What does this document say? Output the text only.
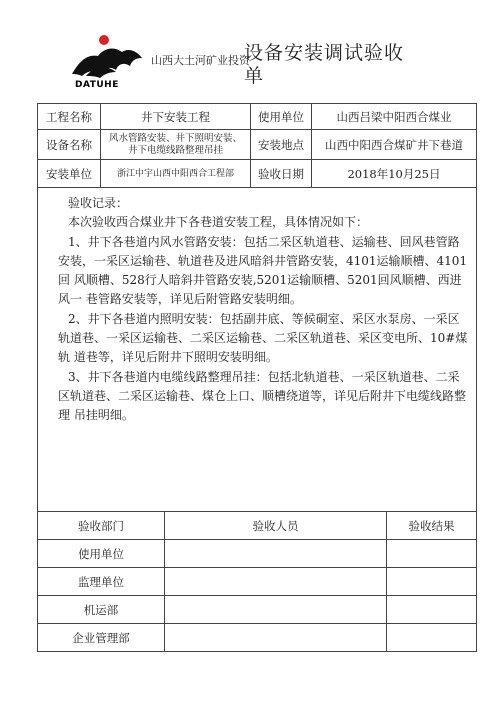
DATUHE
山西大土河矿业投资
设备安装调试验收单
工程名称	井下安装工程	使用单位	山西吕梁中阳西合煤业
设备名称	风水管路安装、井下照明安装、井下电缆线路整理吊挂	安装地点	山西中阳西合煤矿井下巷道
安装单位	浙江中宇山西中阳西合工程部	验收日期	2018年10月25日

验收记录：

本次验收西合煤业井下各巷道安装工程，具体情况如下：

1、井下各巷道内风水管路安装：包括二采区轨道巷、运输巷、回风巷管路 安装，一采区运输巷、轨道巷及进风暗斜井管路安装，4101运输顺槽、4101回 风顺槽、528行人暗斜井管路安装,5201运输顺槽、5201回风顺槽、西进风一 巷管路安装等，详见后附管路安装明细。

2、井下各巷道内照明安装：包括副井底、等候硐室、采区水泵房、一采区 轨道巷、一采区运输巷、二采区运输巷、二采区轨道巷、采区变电所、10#煤轨 道巷等，详见后附井下照明安装明细。

3、井下各巷道内电缆线路整理吊挂：包括北轨道巷、一采区轨道巷、二采 区轨道巷、二采区运输巷、煤仓上口、顺槽绕道等，详见后附井下电缆线路整理 吊挂明细。

验收部门	验收人员	验收结果
使用单位
监理单位
机运部
企业管理部
